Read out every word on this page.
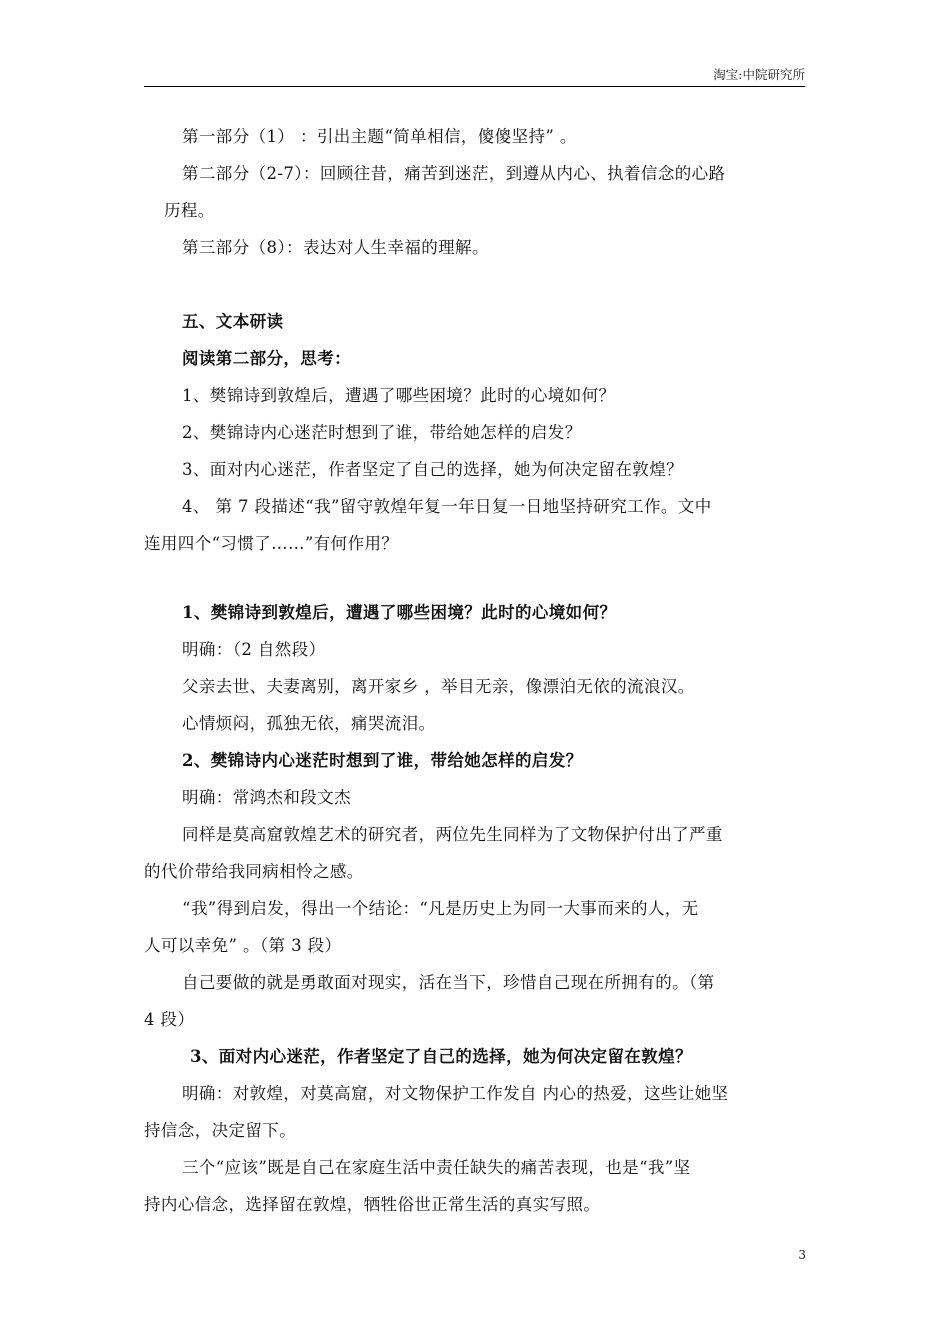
淘宝:中院研究所
第一部分（1） ：引出主题“简单相信，傻傻坚持” 。
第二部分（2-7）：回顾往昔，痛苦到迷茫，到遵从内心、执着信念的心路
历程。
第三部分（8）：表达对人生幸福的理解。
五、文本研读
阅读第二部分，思考：
1、樊锦诗到敦煌后，遭遇了哪些困境？此时的心境如何？
2、樊锦诗内心迷茫时想到了谁，带给她怎样的启发？
3、面对内心迷茫，作者坚定了自己的选择，她为何决定留在敦煌？
4、 第 7 段描述“我”留守敦煌年复一年日复一日地坚持研究工作。文中
连用四个“习惯了……”有何作用？
1、樊锦诗到敦煌后，遭遇了哪些困境？此时的心境如何？
明确：（2 自然段）
父亲去世、夫妻离别，离开家乡 ，举目无亲，像漂泊无依的流浪汉。
心情烦闷，孤独无依，痛哭流泪。
2、樊锦诗内心迷茫时想到了谁，带给她怎样的启发？
明确：常鸿杰和段文杰
同样是莫高窟敦煌艺术的研究者，两位先生同样为了文物保护付出了严重
的代价带给我同病相怜之感。
“我”得到启发，得出一个结论：“凡是历史上为同一大事而来的人，无
人可以幸免” 。（第 3 段）
自己要做的就是勇敢面对现实，活在当下，珍惜自己现在所拥有的。（第
4 段）
3、面对内心迷茫，作者坚定了自己的选择，她为何决定留在敦煌？
明确：对敦煌，对莫高窟，对文物保护工作发自 内心的热爱，这些让她坚
持信念，决定留下。
三个“应该”既是自己在家庭生活中责任缺失的痛苦表现，也是“我”坚
持内心信念，选择留在敦煌，牺牲俗世正常生活的真实写照。
3
